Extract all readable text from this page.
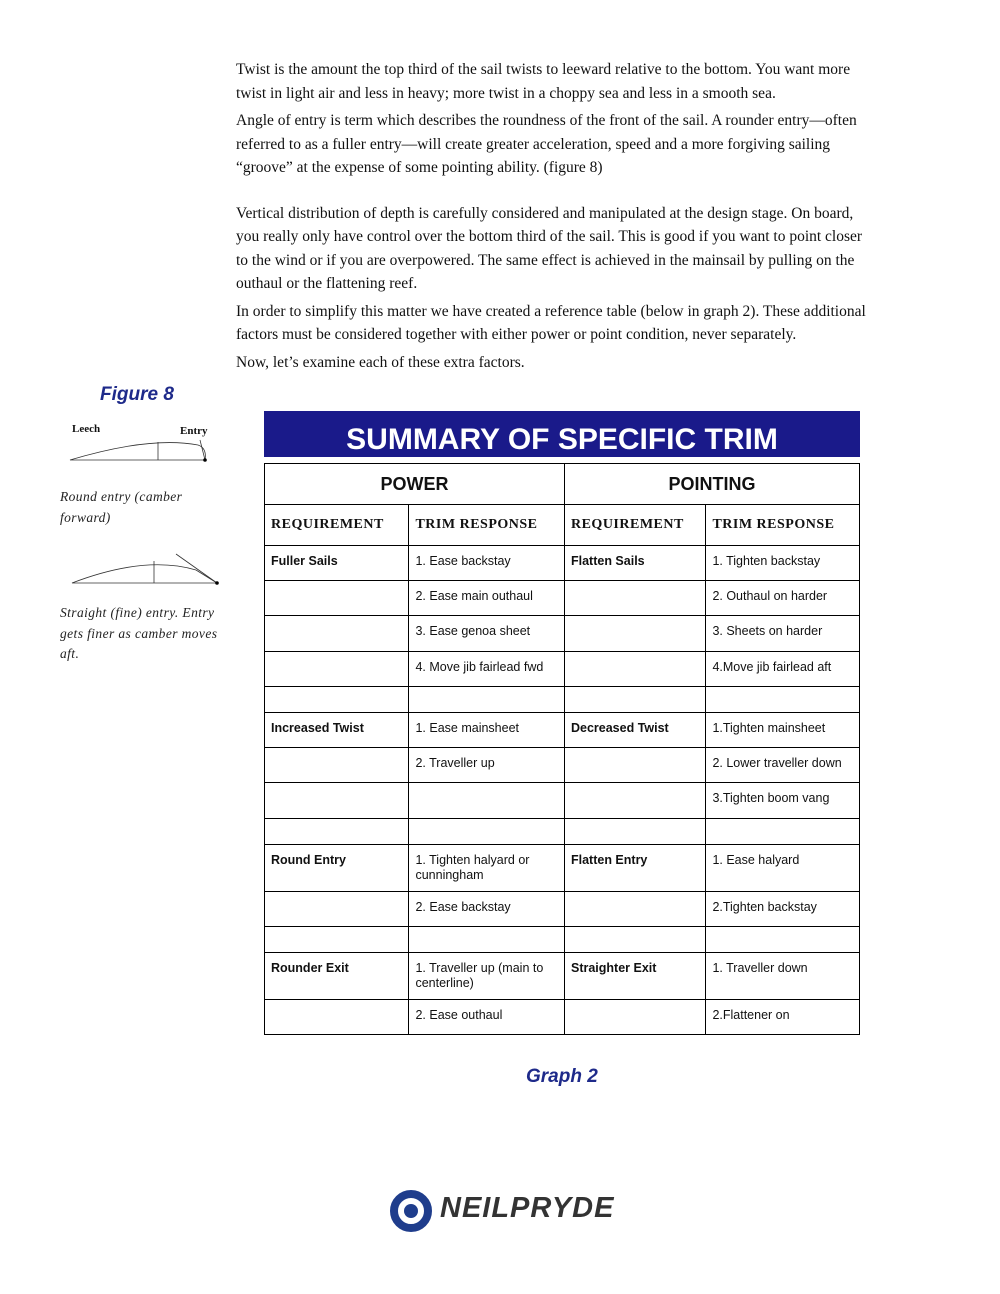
Twist is the amount the top third of the sail twists to leeward relative to the bottom. You want more twist in light air and less in heavy; more twist in a choppy sea and less in a smooth sea.

Angle of entry is term which describes the roundness of the front of the sail. A rounder entry—often referred to as a fuller entry—will create greater acceleration, speed and a more forgiving sailing “groove” at the expense of some pointing ability. (figure 8)

Vertical distribution of depth is carefully considered and manipulated at the design stage. On board, you really only have control over the bottom third of the sail. This is good if you want to point closer to the wind or if you are overpowered. The same effect is achieved in the mainsail by pulling on the outhaul or the flattening reef.

In order to simplify this matter we have created a reference table (below in graph 2). These additional factors must be considered together with either power or point condition, never separately.

Now, let’s examine each of these extra factors.

Figure 8
Leech	Entry
Round entry (camber forward)
Straight (fine) entry. Entry gets finer as camber moves aft.
SUMMARY OF SPECIFIC TRIM
POWER		POINTING	
REQUIREMENT	TRIM RESPONSE	REQUIREMENT	TRIM RESPONSE
Fuller Sails	1. Ease backstay	Flatten Sails	1. Tighten backstay
	2. Ease main outhaul		2. Outhaul on harder
	3. Ease genoa sheet		3. Sheets on harder
	4. Move jib fairlead fwd		4.Move jib fairlead aft

Increased Twist	1. Ease mainsheet	Decreased Twist	1.Tighten mainsheet
	2. Traveller up		2. Lower traveller down
			3.Tighten boom vang

Round Entry	1. Tighten halyard or cunningham	Flatten Entry	1. Ease halyard
	2. Ease backstay		2.Tighten backstay

Rounder Exit	1. Traveller up (main to centerline)	Straighter Exit	1. Traveller down
	2. Ease outhaul		2.Flattener on
Graph 2
NEILPRYDE
